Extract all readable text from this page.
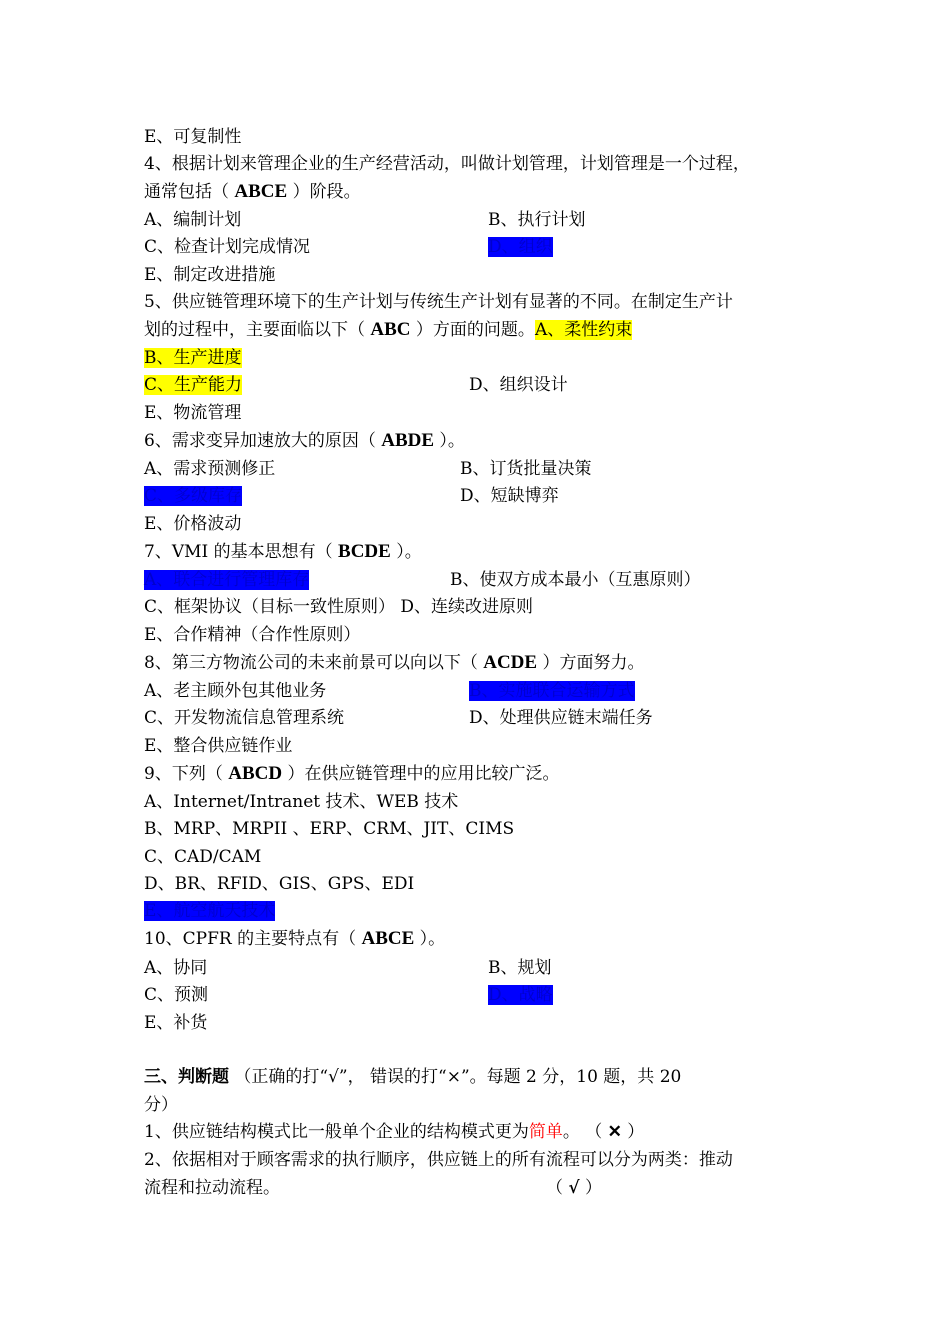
E、可复制性
4、根据计划来管理企业的生产经营活动，叫做计划管理，计划管理是一个过程，
通常包括（ ABCE ）阶段。
A、编制计划	B、执行计划
C、检查计划完成情况	D、组织
E、制定改进措施
5、供应链管理环境下的生产计划与传统生产计划有显著的不同。在制定生产计
划的过程中，主要面临以下（ ABC ）方面的问题。A、柔性约束
B、生产进度
C、生产能力	D、组织设计
E、物流管理
6、需求变异加速放大的原因（ ABDE ）。
A、需求预测修正	B、订货批量决策
C、多级库存	D、短缺博弈
E、价格波动
7、VMI 的基本思想有（ BCDE ）。
A、联合进行管理库存	B、使双方成本最小（互惠原则）
C、框架协议（目标一致性原则） D、连续改进原则
E、合作精神（合作性原则）
8、第三方物流公司的未来前景可以向以下（ ACDE ）方面努力。
A、老主顾外包其他业务	B、实施联合运输方式
C、开发物流信息管理系统	D、处理供应链末端任务
E、整合供应链作业
9、下列（ ABCD ）在供应链管理中的应用比较广泛。
A、Internet/Intranet 技术、WEB 技术
B、MRP、MRPII 、ERP、CRM、JIT、CIMS
C、CAD/CAM
D、BR、RFID、GIS、GPS、EDI
E、航空航天技术
10、CPFR 的主要特点有（ ABCE ）。
A、协同	B、规划
C、预测	D、战略
E、补货
三、判断题 （正确的打“√”， 错误的打“×”。每题 2 分，10 题，共 20
分）
1、供应链结构模式比一般单个企业的结构模式更为简单。 （ ✕ ）
2、依据相对于顾客需求的执行顺序，供应链上的所有流程可以分为两类：推动
流程和拉动流程。	（ √ ）
